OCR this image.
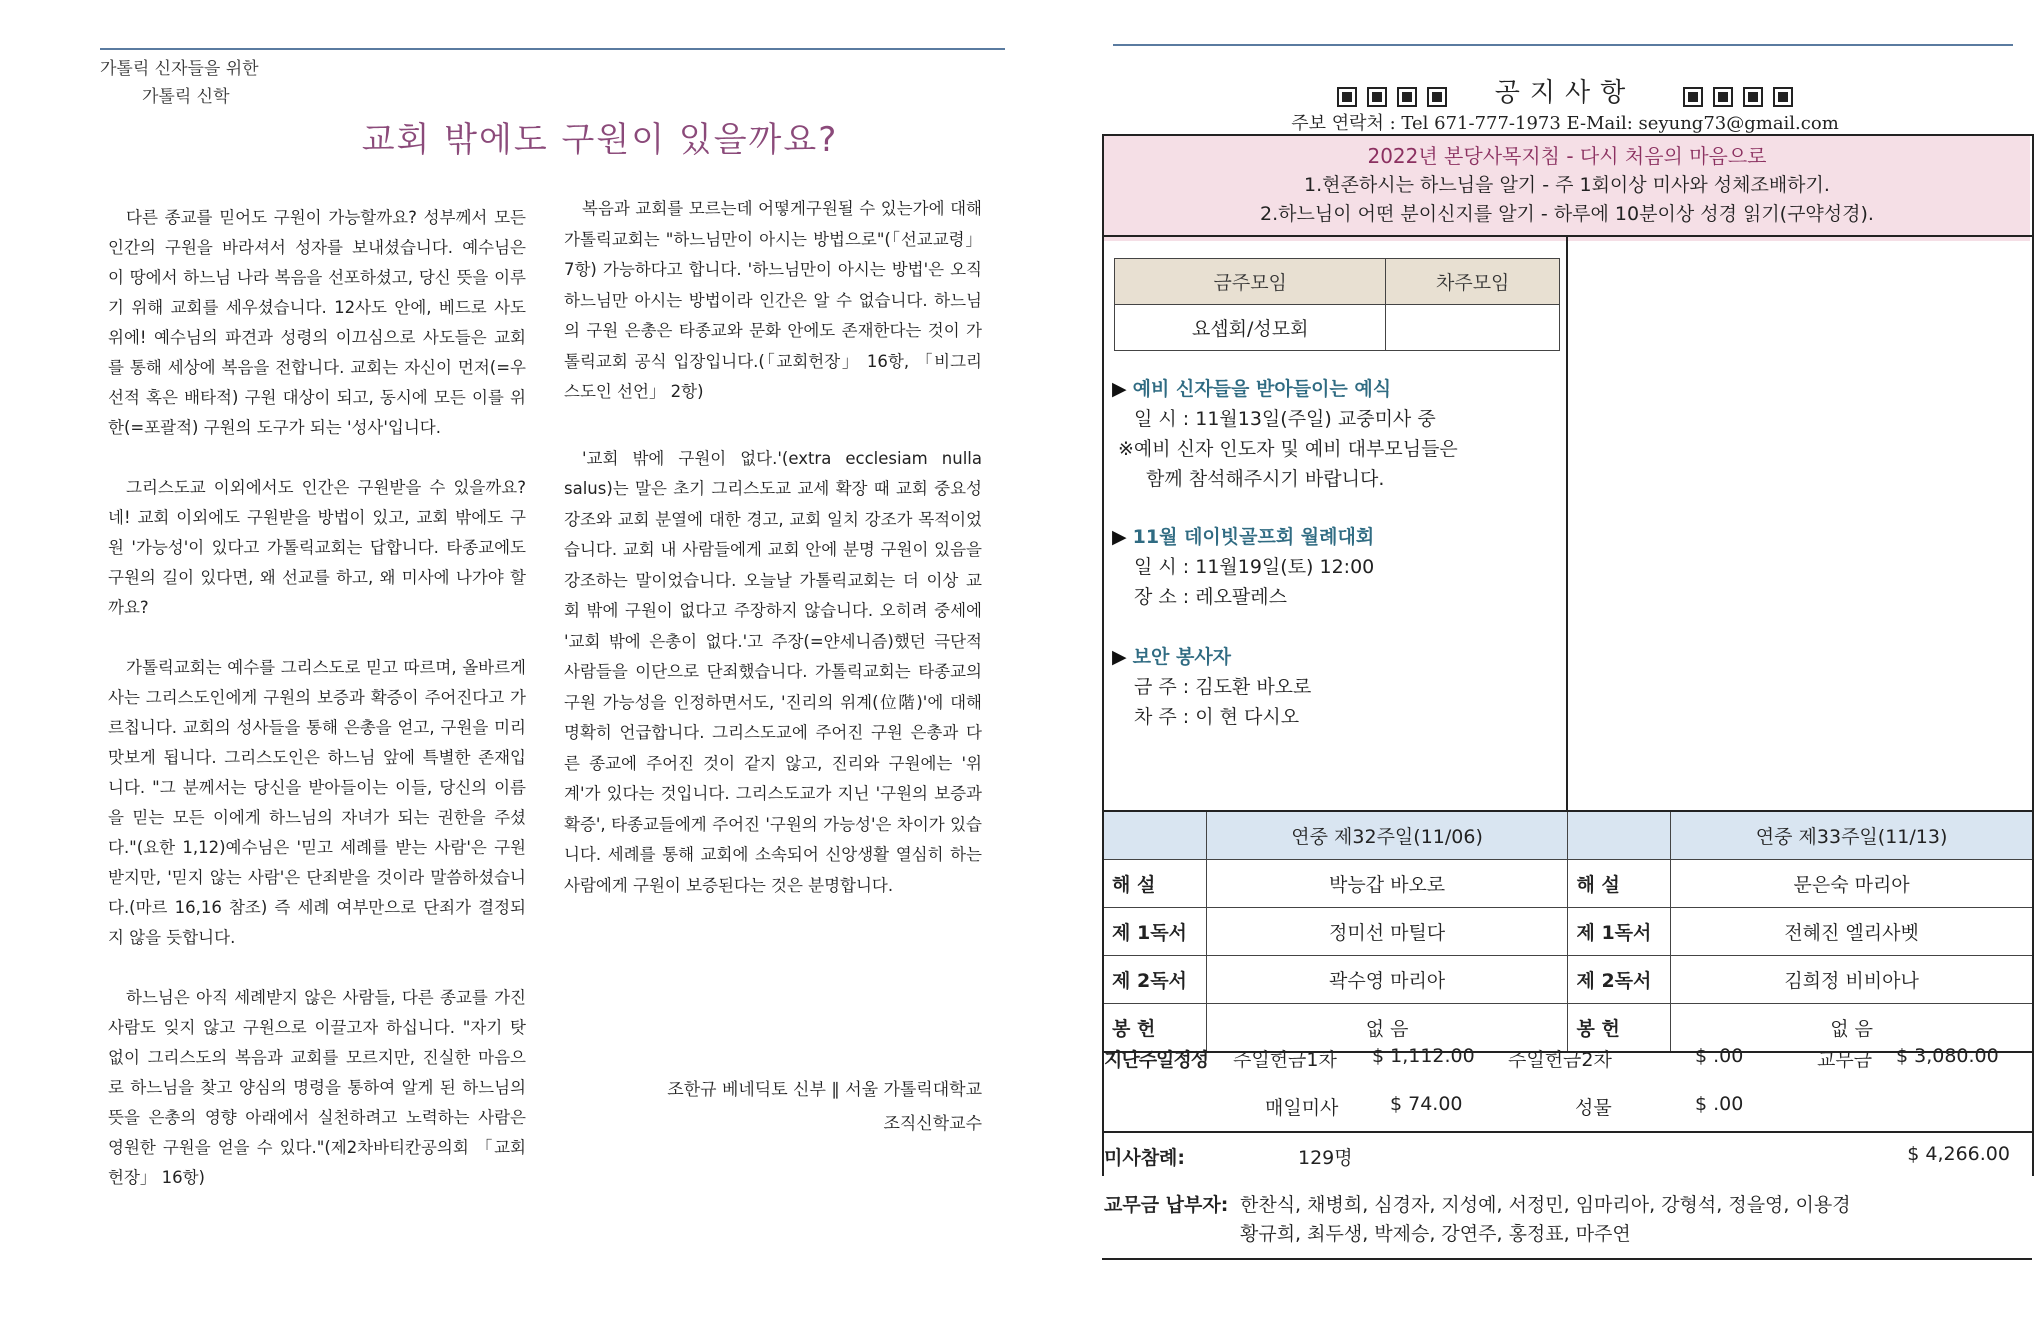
가톨릭 신자들을 위한
가톨릭 신학
교회 밖에도 구원이 있을까요?

다른 종교를 믿어도 구원이 가능할까요? 성부께서 모든 인간의 구원을 바라셔서 성자를 보내셨습니다. 예수님은 이 땅에서 하느님 나라 복음을 선포하셨고, 당신 뜻을 이루기 위해 교회를 세우셨습니다. 12사도 안에, 베드로 사도 위에! 예수님의 파견과 성령의 이끄심으로 사도들은 교회를 통해 세상에 복음을 전합니다. 교회는 자신이 먼저(=우선적 혹은 배타적) 구원 대상이 되고, 동시에 모든 이를 위한(=포괄적) 구원의 도구가 되는 '성사'입니다.

그리스도교 이외에서도 인간은 구원받을 수 있을까요? 네! 교회 이외에도 구원받을 방법이 있고, 교회 밖에도 구원 '가능성'이 있다고 가톨릭교회는 답합니다. 타종교에도 구원의 길이 있다면, 왜 선교를 하고, 왜 미사에 나가야 할까요?

가톨릭교회는 예수를 그리스도로 믿고 따르며, 올바르게 사는 그리스도인에게 구원의 보증과 확증이 주어진다고 가르칩니다. 교회의 성사들을 통해 은총을 얻고, 구원을 미리 맛보게 됩니다. 그리스도인은 하느님 앞에 특별한 존재입니다. "그 분께서는 당신을 받아들이는 이들, 당신의 이름을 믿는 모든 이에게 하느님의 자녀가 되는 권한을 주셨다."(요한 1,12)예수님은 '믿고 세례를 받는 사람'은 구원받지만, '믿지 않는 사람'은 단죄받을 것이라 말씀하셨습니다.(마르 16,16 참조) 즉 세례 여부만으로 단죄가 결정되지 않을 듯합니다.

하느님은 아직 세례받지 않은 사람들, 다른 종교를 가진 사람도 잊지 않고 구원으로 이끌고자 하십니다. "자기 탓 없이 그리스도의 복음과 교회를 모르지만, 진실한 마음으로 하느님을 찾고 양심의 명령을 통하여 알게 된 하느님의 뜻을 은총의 영향 아래에서 실천하려고 노력하는 사람은 영원한 구원을 얻을 수 있다."(제2차바티칸공의회 「교회 헌장」 16항)

복음과 교회를 모르는데 어떻게구원될 수 있는가에 대해 가톨릭교회는 "하느님만이 아시는 방법으로"(「선교교령」 7항) 가능하다고 합니다. '하느님만이 아시는 방법'은 오직 하느님만 아시는 방법이라 인간은 알 수 없습니다. 하느님의 구원 은총은 타종교와 문화 안에도 존재한다는 것이 가톨릭교회 공식 입장입니다.(「교회헌장」 16항, 「비그리스도인 선언」 2항)

'교회 밖에 구원이 없다.'(extra ecclesiam nulla salus)는 말은 초기 그리스도교 교세 확장 때 교회 중요성 강조와 교회 분열에 대한 경고, 교회 일치 강조가 목적이었습니다. 교회 내 사람들에게 교회 안에 분명 구원이 있음을 강조하는 말이었습니다. 오늘날 가톨릭교회는 더 이상 교회 밖에 구원이 없다고 주장하지 않습니다. 오히려 중세에 '교회 밖에 은총이 없다.'고 주장(=얀세니즘)했던 극단적 사람들을 이단으로 단죄했습니다. 가톨릭교회는 타종교의 구원 가능성을 인정하면서도, '진리의 위계(位階)'에 대해 명확히 언급합니다. 그리스도교에 주어진 구원 은총과 다른 종교에 주어진 것이 같지 않고, 진리와 구원에는 '위계'가 있다는 것입니다. 그리스도교가 지닌 '구원의 보증과 확증', 타종교들에게 주어진 '구원의 가능성'은 차이가 있습니다. 세례를 통해 교회에 소속되어 신앙생활 열심히 하는 사람에게 구원이 보증된다는 것은 분명합니다.

조한규 베네딕토 신부 ∥ 서울 가톨릭대학교
조직신학교수
공지사항
주보 연락처 : Tel 671-777-1973 E-Mail: seyung73@gmail.com
2022년 본당사목지침 - 다시 처음의 마음으로
1.현존하시는 하느님을 알기 - 주 1회이상 미사와 성체조배하기.
2.하느님이 어떤 분이신지를 알기 - 하루에 10분이상 성경 읽기(구약성경).
금주모임	차주모임
요셉회/성모회	
▶ 예비 신자들을 받아들이는 예식
일 시 : 11월13일(주일) 교중미사 중
※예비 신자 인도자 및 예비 대부모님들은
함께 참석해주시기 바랍니다.
▶ 11월 데이빗골프회 월례대회
일 시 : 11월19일(토) 12:00
장 소 : 레오팔레스
▶ 보안 봉사자
금 주 : 김도환 바오로
차 주 : 이 현 다시오
	연중 제32주일(11/06)		연중 제33주일(11/13)
해 설	박능갑 바오로	해 설	문은숙 마리아
제 1독서	정미선 마틸다	제 1독서	전혜진 엘리사벳
제 2독서	곽수영 마리아	제 2독서	김희정 비비아나
봉 헌	없 음	봉 헌	없 음
지난주일정성 주일헌금1차 $ 1,112.00 주일헌금2차	$ .00	교무금 $ 3,080.00
매일미사	$ 74.00	성물	$ .00
미사참례:	129명	$ 4,266.00
교무금 납부자: 한찬식, 채병희, 심경자, 지성예, 서정민, 임마리아, 강형석, 정을영, 이용경
황규희, 최두생, 박제승, 강연주, 홍정표, 마주연
